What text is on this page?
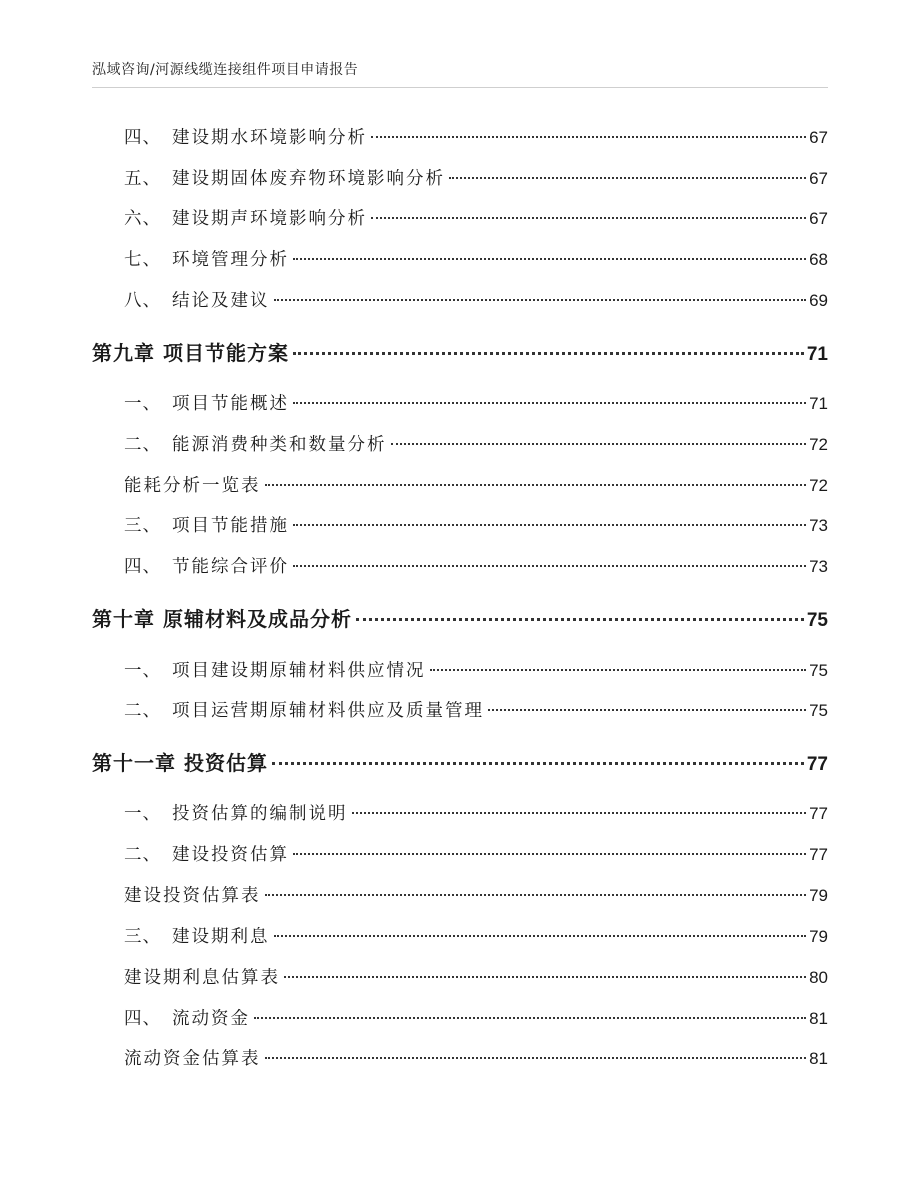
泓域咨询/河源线缆连接组件项目申请报告
四、 建设期水环境影响分析	67
五、 建设期固体废弃物环境影响分析	67
六、 建设期声环境影响分析	67
七、 环境管理分析	68
八、 结论及建议	69
第九章 项目节能方案	71
一、 项目节能概述	71
二、 能源消费种类和数量分析	72
能耗分析一览表	72
三、 项目节能措施	73
四、 节能综合评价	73
第十章 原辅材料及成品分析	75
一、 项目建设期原辅材料供应情况	75
二、 项目运营期原辅材料供应及质量管理	75
第十一章 投资估算	77
一、 投资估算的编制说明	77
二、 建设投资估算	77
建设投资估算表	79
三、 建设期利息	79
建设期利息估算表	80
四、 流动资金	81
流动资金估算表	81
